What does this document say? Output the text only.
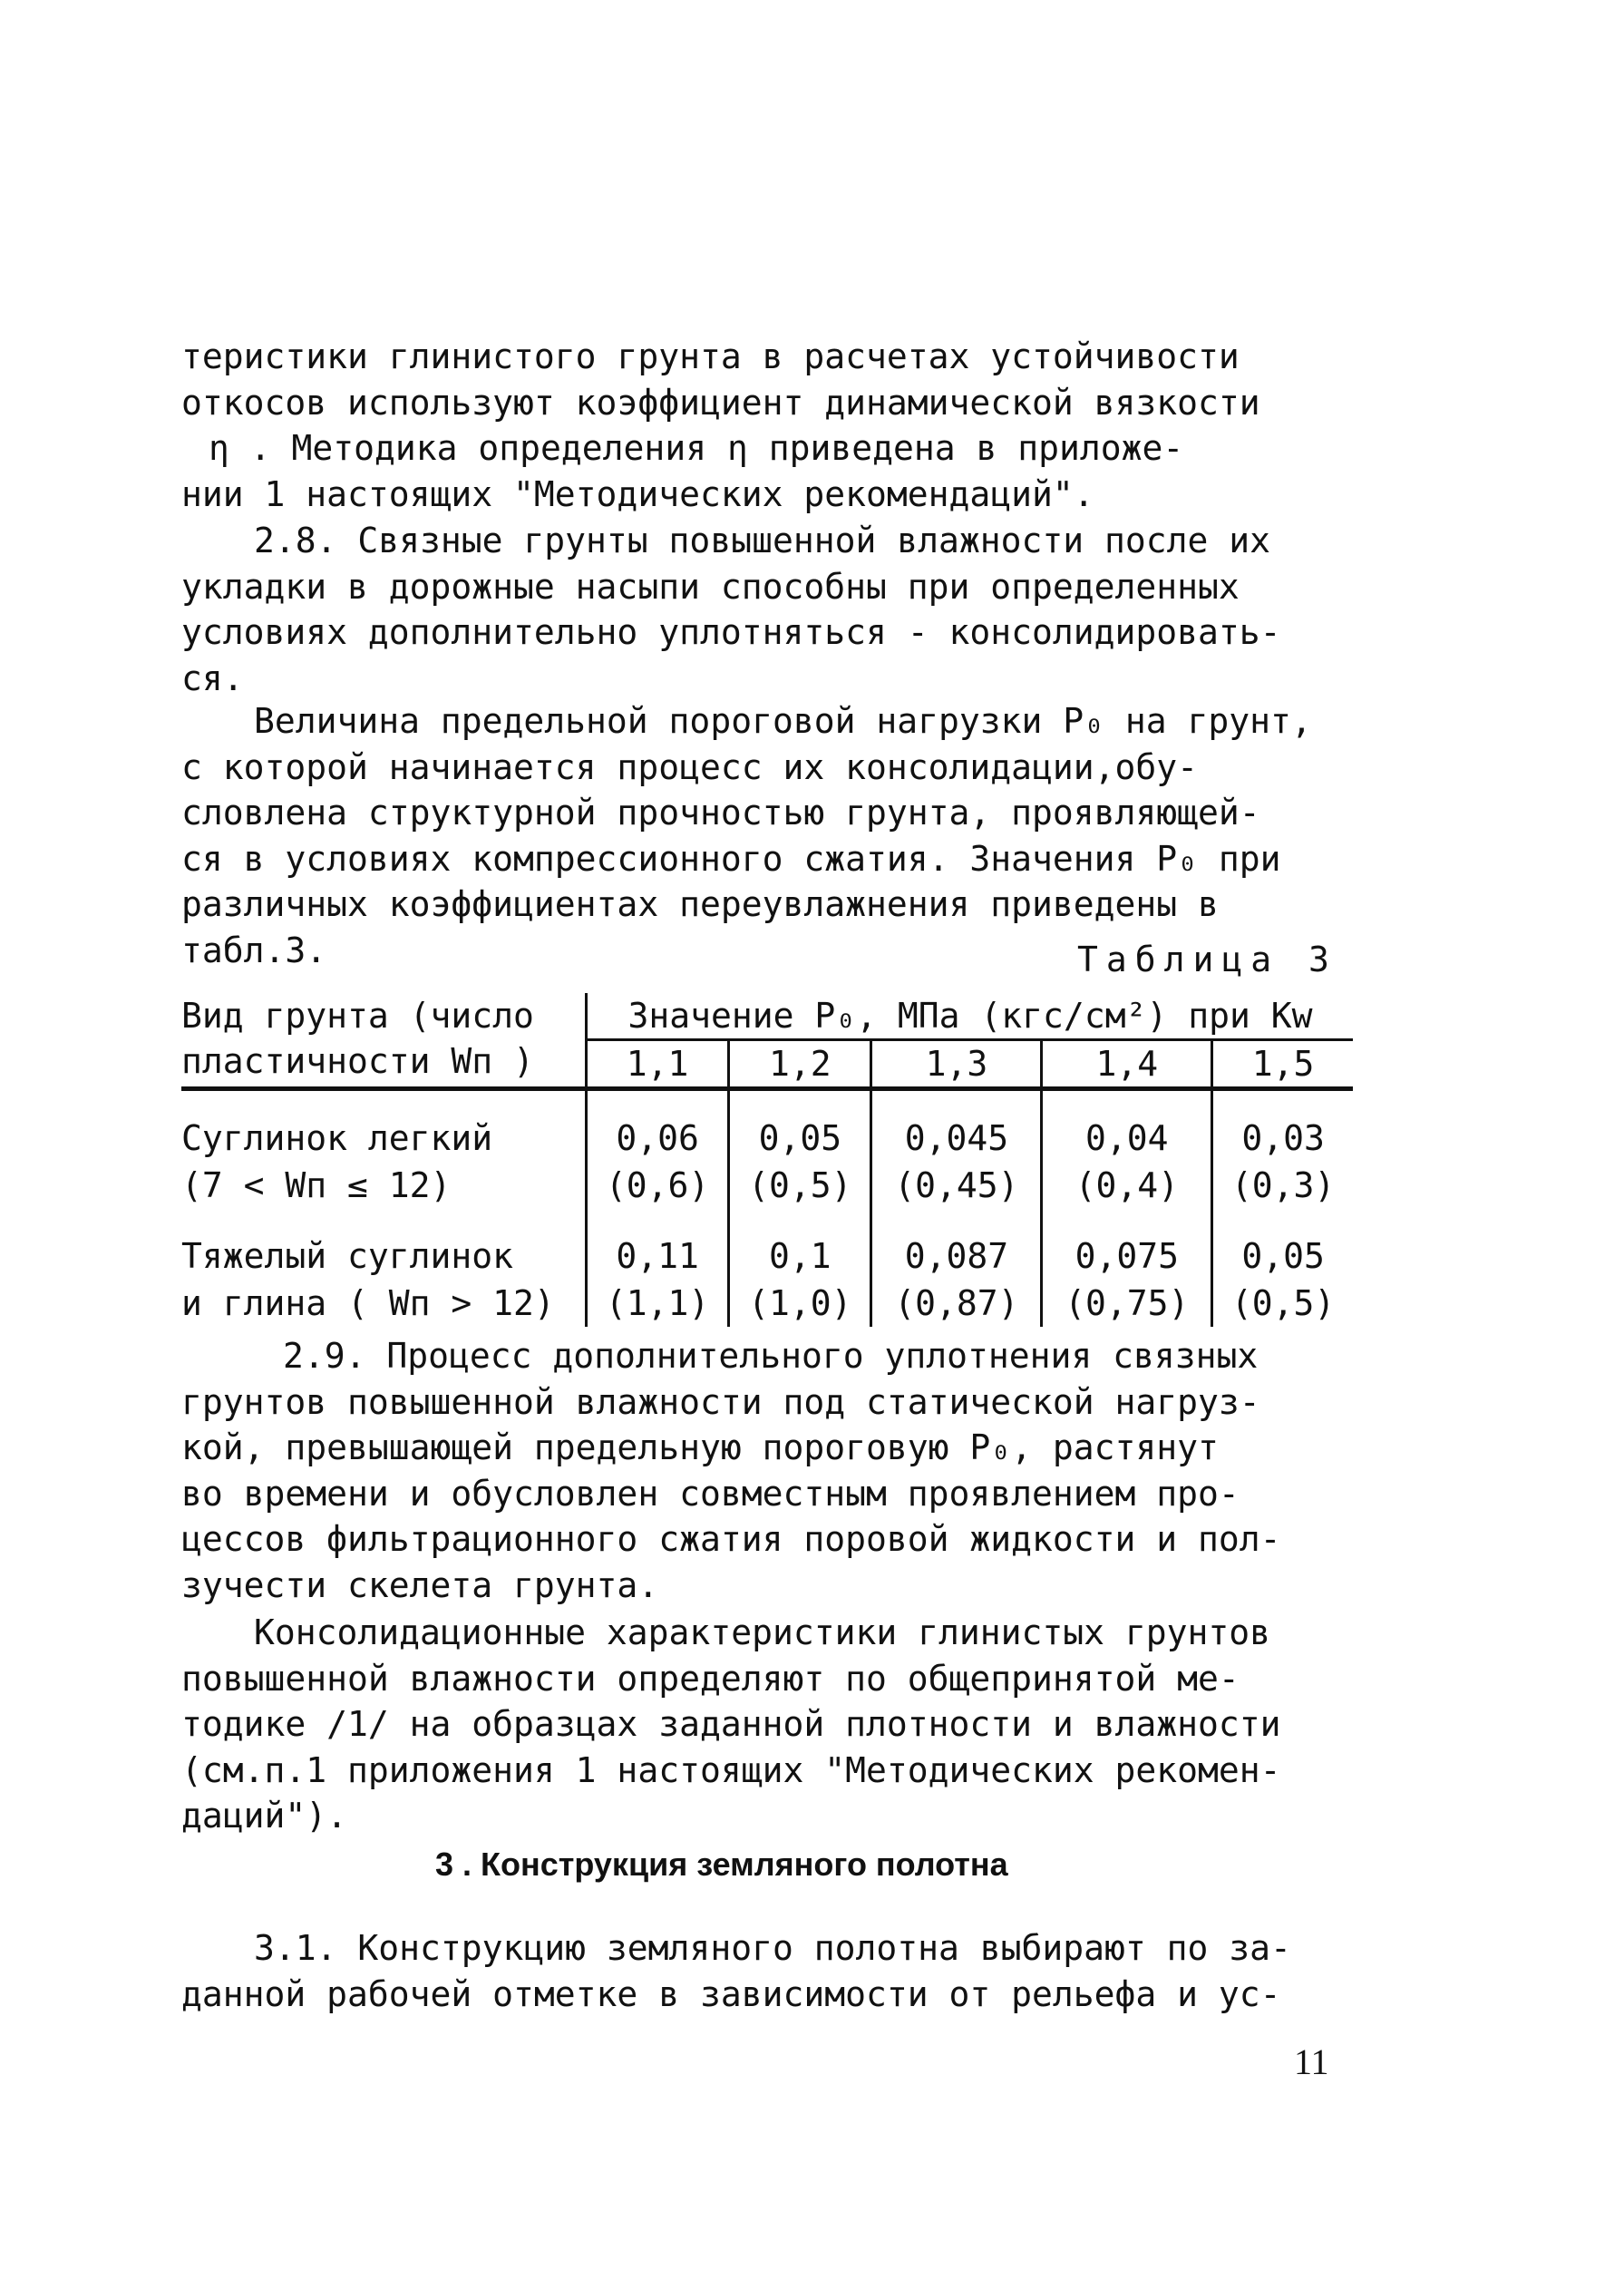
теристики глинистого грунта в расчетах устойчивости
откосов используют коэффициент динамической вязкости
η . Методика определения η приведена в приложе-
нии 1 настоящих "Методических рекомендаций".
2.8. Связные грунты повышенной влажности после их
укладки в дорожные насыпи способны при определенных
условиях дополнительно уплотняться - консолидировать-
ся.
Величина предельной пороговой нагрузки P₀ на грунт,
с которой начинается процесс их консолидации,обу-
словлена структурной прочностью грунта, проявляющей-
ся в условиях компрессионного сжатия. Значения P₀ при
различных коэффициентах переувлажнения приведены в
табл.3.	Таблица 3
Вид грунта (число
пластичности Wп )	Значение P₀, МПа (кгс/см²) при Kw				
	1,1	1,2	1,3	1,4	1,5

Суглинок легкий	0,06	0,05	0,045	0,04	0,03
(7 < Wп ≤ 12)	(0,6)	(0,5)	(0,45)	(0,4)	(0,3)

Тяжелый суглинок	0,11	0,1	0,087	0,075	0,05
и глина ( Wп > 12)	(1,1)	(1,0)	(0,87)	(0,75)	(0,5)
2.9. Процесс дополнительного уплотнения связных
грунтов повышенной влажности под статической нагруз-
кой, превышающей предельную пороговую P₀, растянут
во времени и обусловлен совместным проявлением про-
цессов фильтрационного сжатия поровой жидкости и пол-
зучести скелета грунта.
Консолидационные характеристики глинистых грунтов
повышенной влажности определяют по общепринятой ме-
тодике /1/ на образцах заданной плотности и влажности
(см.п.1 приложения 1 настоящих "Методических рекомен-
даций").
3 . Конструкция земляного полотна
3.1. Конструкцию земляного полотна выбирают по за-
данной рабочей отметке в зависимости от рельефа и ус-
11
